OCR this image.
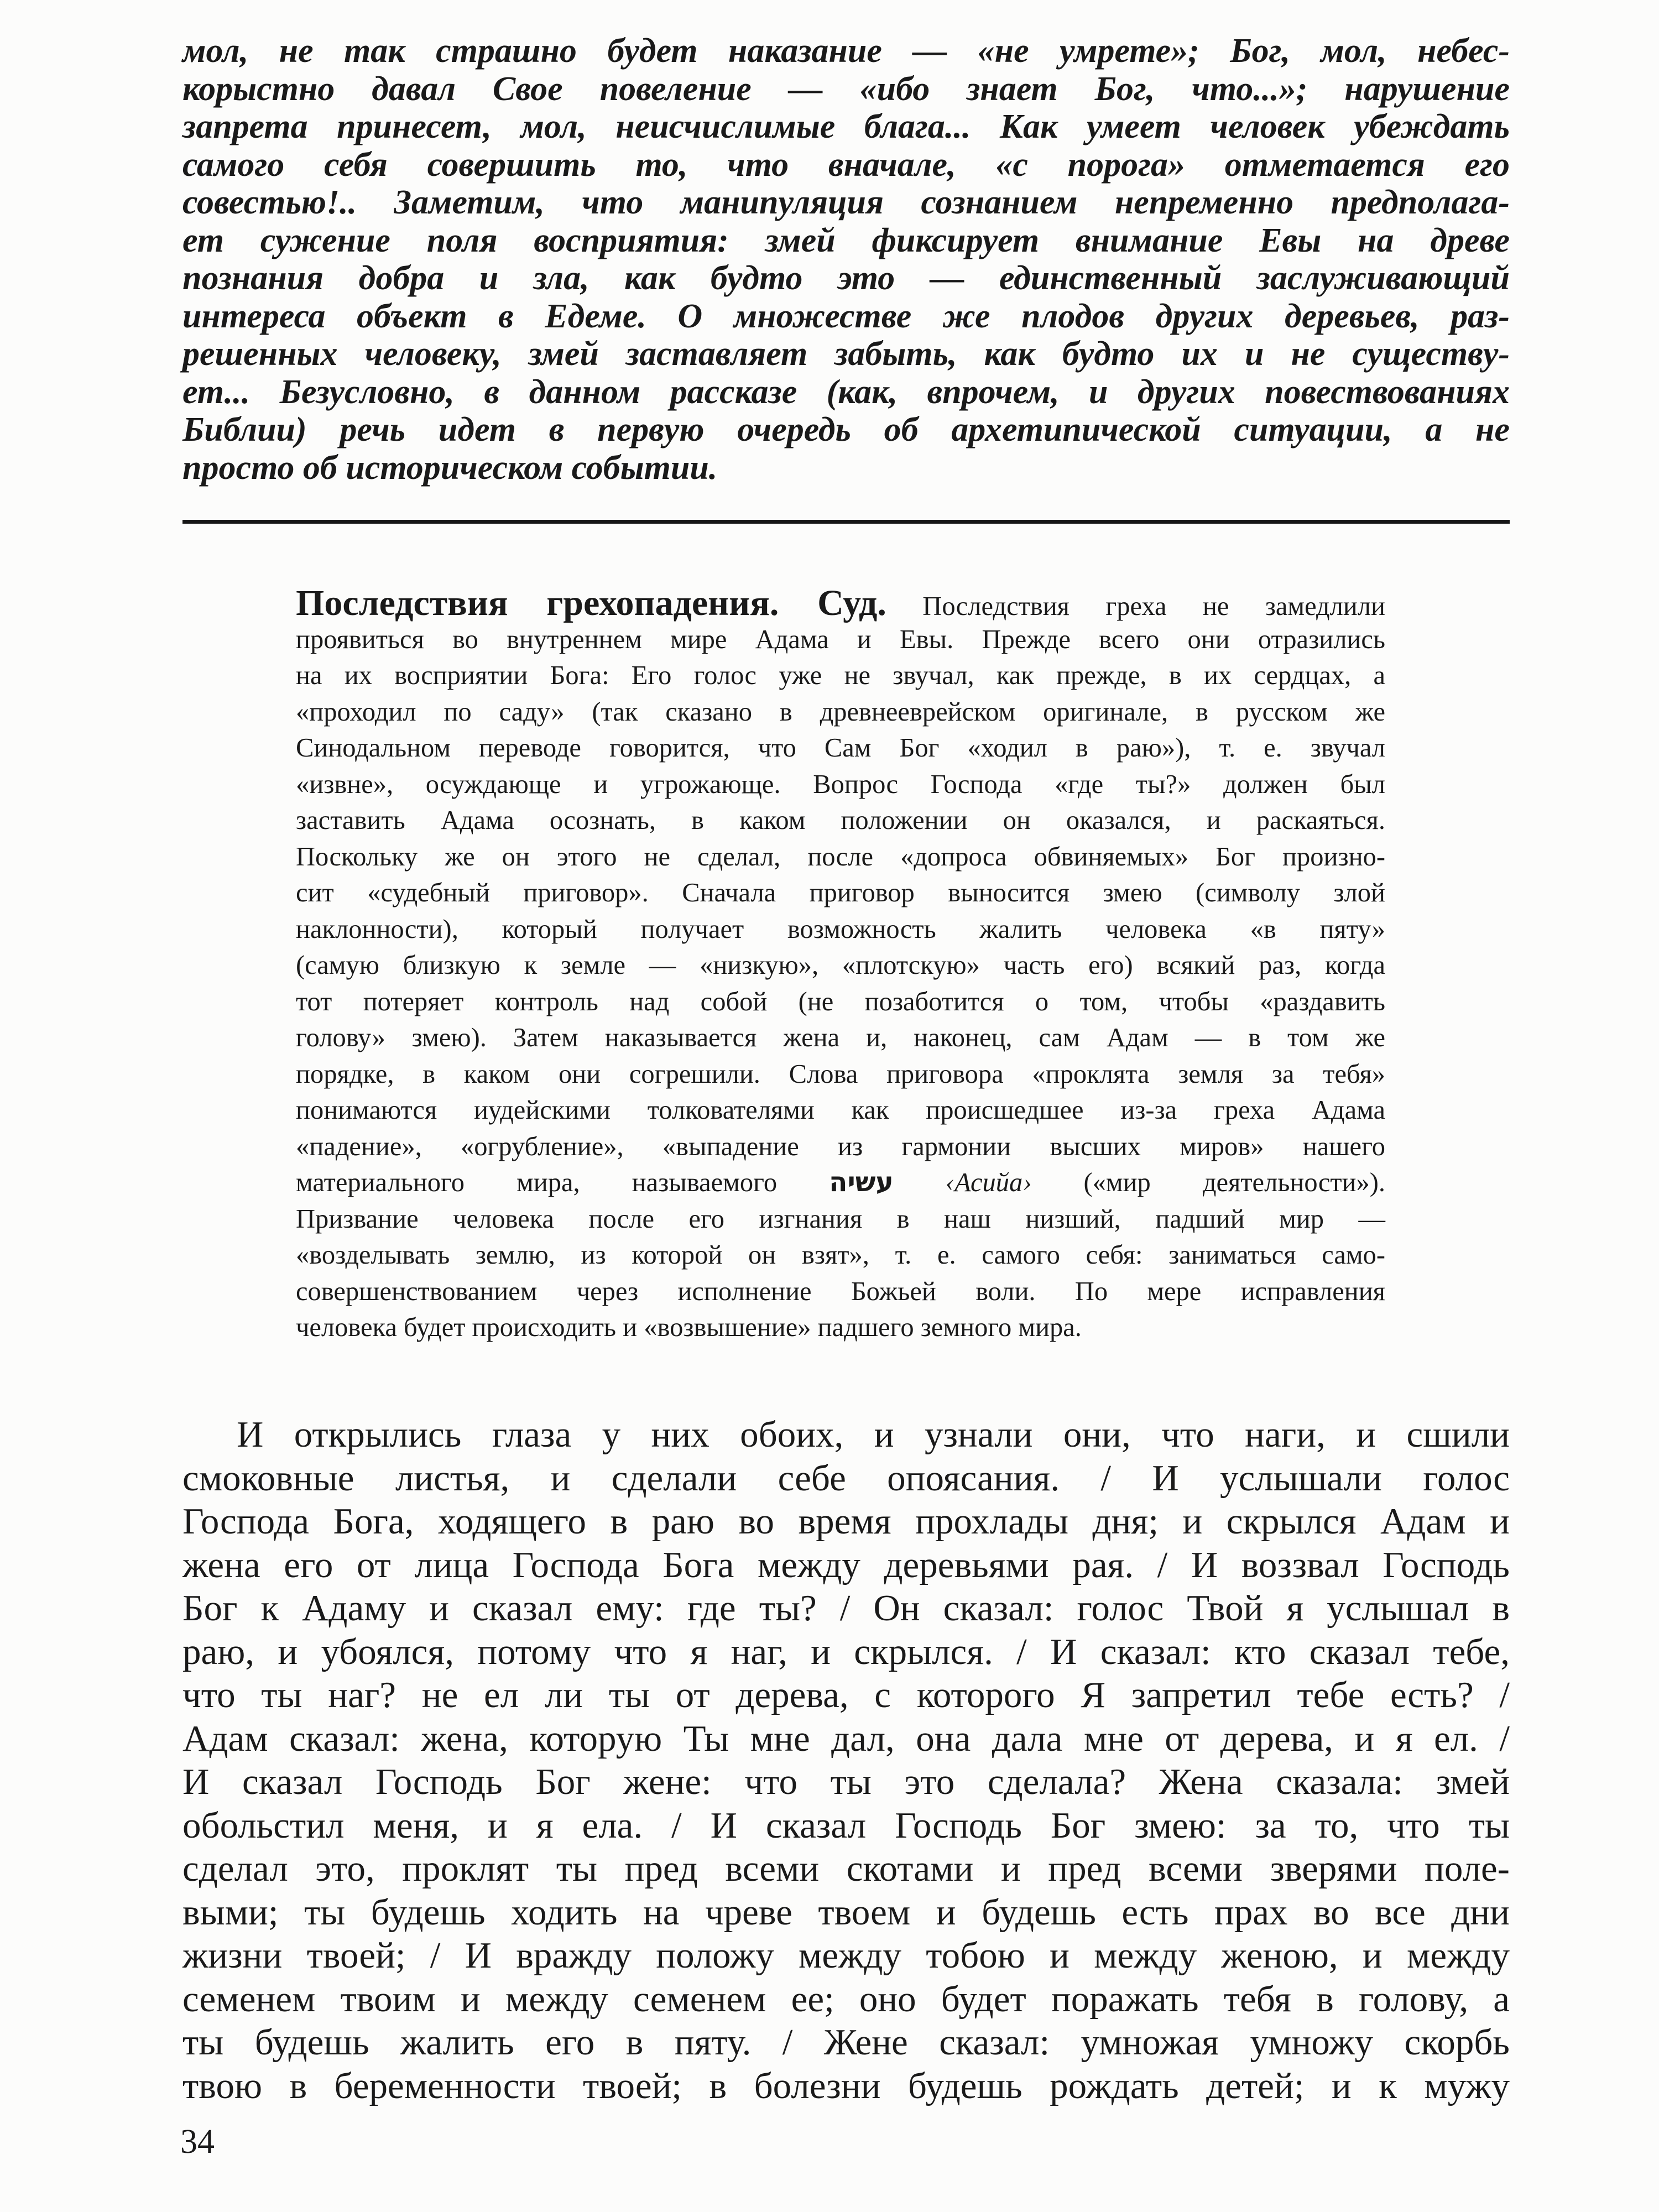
мол, не так страшно будет наказание — «не умрете»; Бог, мол, небес-
корыстно давал Свое повеление — «ибо знает Бог, что...»; нарушение
запрета принесет, мол, неисчислимые блага... Как умеет человек убеждать
самого себя совершить то, что вначале, «с порога» отметается его
совестью!.. Заметим, что манипуляция сознанием непременно предполага-
ет сужение поля восприятия: змей фиксирует внимание Евы на древе
познания добра и зла, как будто это — единственный заслуживающий
интереса объект в Едеме. О множестве же плодов других деревьев, раз-
решенных человеку, змей заставляет забыть, как будто их и не существу-
ет... Безусловно, в данном рассказе (как, впрочем, и других повествованиях
Библии) речь идет в первую очередь об архетипической ситуации, а не
просто об историческом событии.
Последствия грехопадения. Суд. Последствия греха не замедлили
проявиться во внутреннем мире Адама и Евы. Прежде всего они отразились
на их восприятии Бога: Его голос уже не звучал, как прежде, в их сердцах, а
«проходил по саду» (так сказано в древнееврейском оригинале, в русском же
Синодальном переводе говорится, что Сам Бог «ходил в раю»), т. е. звучал
«извне», осуждающе и угрожающе. Вопрос Господа «где ты?» должен был
заставить Адама осознать, в каком положении он оказался, и раскаяться.
Поскольку же он этого не сделал, после «допроса обвиняемых» Бог произно-
сит «судебный приговор». Сначала приговор выносится змею (символу злой
наклонности), который получает возможность жалить человека «в пяту»
(самую близкую к земле — «низкую», «плотскую» часть его) всякий раз, когда
тот потеряет контроль над собой (не позаботится о том, чтобы «раздавить
голову» змею). Затем наказывается жена и, наконец, сам Адам — в том же
порядке, в каком они согрешили. Слова приговора «проклята земля за тебя»
понимаются иудейскими толкователями как происшедшее из-за греха Адама
«падение», «огрубление», «выпадение из гармонии высших миров» нашего
материального мира, называемого עשיה ‹Асийа› («мир деятельности»).
Призвание человека после его изгнания в наш низший, падший мир —
«возделывать землю, из которой он взят», т. е. самого себя: заниматься само-
совершенствованием через исполнение Божьей воли. По мере исправления
человека будет происходить и «возвышение» падшего земного мира.
И открылись глаза у них обоих, и узнали они, что наги, и сшили
смоковные листья, и сделали себе опоясания. / И услышали голос
Господа Бога, ходящего в раю во время прохлады дня; и скрылся Адам и
жена его от лица Господа Бога между деревьями рая. / И воззвал Господь
Бог к Адаму и сказал ему: где ты? / Он сказал: голос Твой я услышал в
раю, и убоялся, потому что я наг, и скрылся. / И сказал: кто сказал тебе,
что ты наг? не ел ли ты от дерева, с которого Я запретил тебе есть? /
Адам сказал: жена, которую Ты мне дал, она дала мне от дерева, и я ел. /
И сказал Господь Бог жене: что ты это сделала? Жена сказала: змей
обольстил меня, и я ела. / И сказал Господь Бог змею: за то, что ты
сделал это, проклят ты пред всеми скотами и пред всеми зверями поле-
выми; ты будешь ходить на чреве твоем и будешь есть прах во все дни
жизни твоей; / И вражду положу между тобою и между женою, и между
семенем твоим и между семенем ее; оно будет поражать тебя в голову, а
ты будешь жалить его в пяту. / Жене сказал: умножая умножу скорбь
твою в беременности твоей; в болезни будешь рождать детей; и к мужу
34
